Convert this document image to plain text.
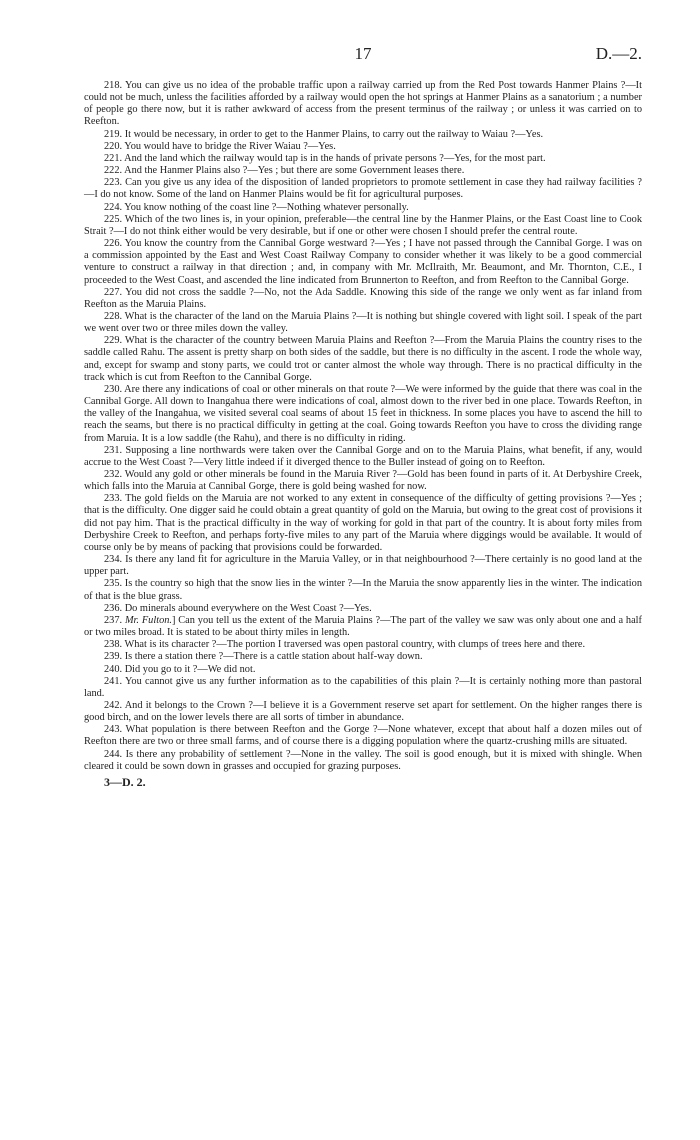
17	D.—2.

218. You can give us no idea of the probable traffic upon a railway carried up from the Red Post towards Hanmer Plains ?—It could not be much, unless the facilities afforded by a railway would open the hot springs at Hanmer Plains as a sanatorium ; a number of people go there now, but it is rather awkward of access from the present terminus of the railway ; or unless it was carried on to Reefton.

219. It would be necessary, in order to get to the Hanmer Plains, to carry out the railway to Waiau ?—Yes.

220. You would have to bridge the River Waiau ?—Yes.

221. And the land which the railway would tap is in the hands of private persons ?—Yes, for the most part.

222. And the Hanmer Plains also ?—Yes ; but there are some Government leases there.

223. Can you give us any idea of the disposition of landed proprietors to promote settlement in case they had railway facilities ?—I do not know. Some of the land on Hanmer Plains would be fit for agricultural purposes.

224. You know nothing of the coast line ?—Nothing whatever personally.

225. Which of the two lines is, in your opinion, preferable—the central line by the Hanmer Plains, or the East Coast line to Cook Strait ?—I do not think either would be very desirable, but if one or other were chosen I should prefer the central route.

226. You know the country from the Cannibal Gorge westward ?—Yes ; I have not passed through the Cannibal Gorge. I was on a commission appointed by the East and West Coast Railway Company to consider whether it was likely to be a good commercial venture to construct a railway in that direction ; and, in company with Mr. McIlraith, Mr. Beaumont, and Mr. Thornton, C.E., I proceeded to the West Coast, and ascended the line indicated from Brunnerton to Reefton, and from Reefton to the Cannibal Gorge.

227. You did not cross the saddle ?—No, not the Ada Saddle. Knowing this side of the range we only went as far inland from Reefton as the Maruia Plains.

228. What is the character of the land on the Maruia Plains ?—It is nothing but shingle covered with light soil. I speak of the part we went over two or three miles down the valley.

229. What is the character of the country between Maruia Plains and Reefton ?—From the Maruia Plains the country rises to the saddle called Rahu. The assent is pretty sharp on both sides of the saddle, but there is no difficulty in the ascent. I rode the whole way, and, except for swamp and stony parts, we could trot or canter almost the whole way through. There is no practical difficulty in the track which is cut from Reefton to the Cannibal Gorge.

230. Are there any indications of coal or other minerals on that route ?—We were informed by the guide that there was coal in the Cannibal Gorge. All down to Inangahua there were indications of coal, almost down to the river bed in one place. Towards Reefton, in the valley of the Inangahua, we visited several coal seams of about 15 feet in thickness. In some places you have to ascend the hill to reach the seams, but there is no practical difficulty in getting at the coal. Going towards Reefton you have to cross the dividing range from Maruia. It is a low saddle (the Rahu), and there is no difficulty in riding.

231. Supposing a line northwards were taken over the Cannibal Gorge and on to the Maruia Plains, what benefit, if any, would accrue to the West Coast ?—Very little indeed if it diverged thence to the Buller instead of going on to Reefton.

232. Would any gold or other minerals be found in the Maruia River ?—Gold has been found in parts of it. At Derbyshire Creek, which falls into the Maruia at Cannibal Gorge, there is gold being washed for now.

233. The gold fields on the Maruia are not worked to any extent in consequence of the difficulty of getting provisions ?—Yes ; that is the difficulty. One digger said he could obtain a great quantity of gold on the Maruia, but owing to the great cost of provisions it did not pay him. That is the practical difficulty in the way of working for gold in that part of the country. It is about forty miles from Derbyshire Creek to Reefton, and perhaps forty-five miles to any part of the Maruia where diggings would be available. It would of course only be by means of packing that provisions could be forwarded.

234. Is there any land fit for agriculture in the Maruia Valley, or in that neighbourhood ?—There certainly is no good land at the upper part.

235. Is the country so high that the snow lies in the winter ?—In the Maruia the snow apparently lies in the winter. The indication of that is the blue grass.

236. Do minerals abound everywhere on the West Coast ?—Yes.

237. Mr. Fulton.] Can you tell us the extent of the Maruia Plains ?—The part of the valley we saw was only about one and a half or two miles broad. It is stated to be about thirty miles in length.

238. What is its character ?—The portion I traversed was open pastoral country, with clumps of trees here and there.

239. Is there a station there ?—There is a cattle station about half-way down.

240. Did you go to it ?—We did not.

241. You cannot give us any further information as to the capabilities of this plain ?—It is certainly nothing more than pastoral land.

242. And it belongs to the Crown ?—I believe it is a Government reserve set apart for settlement. On the higher ranges there is good birch, and on the lower levels there are all sorts of timber in abundance.

243. What population is there between Reefton and the Gorge ?—None whatever, except that about half a dozen miles out of Reefton there are two or three small farms, and of course there is a digging population where the quartz-crushing mills are situated.

244. Is there any probability of settlement ?—None in the valley. The soil is good enough, but it is mixed with shingle. When cleared it could be sown down in grasses and occupied for grazing purposes.

3—D. 2.
